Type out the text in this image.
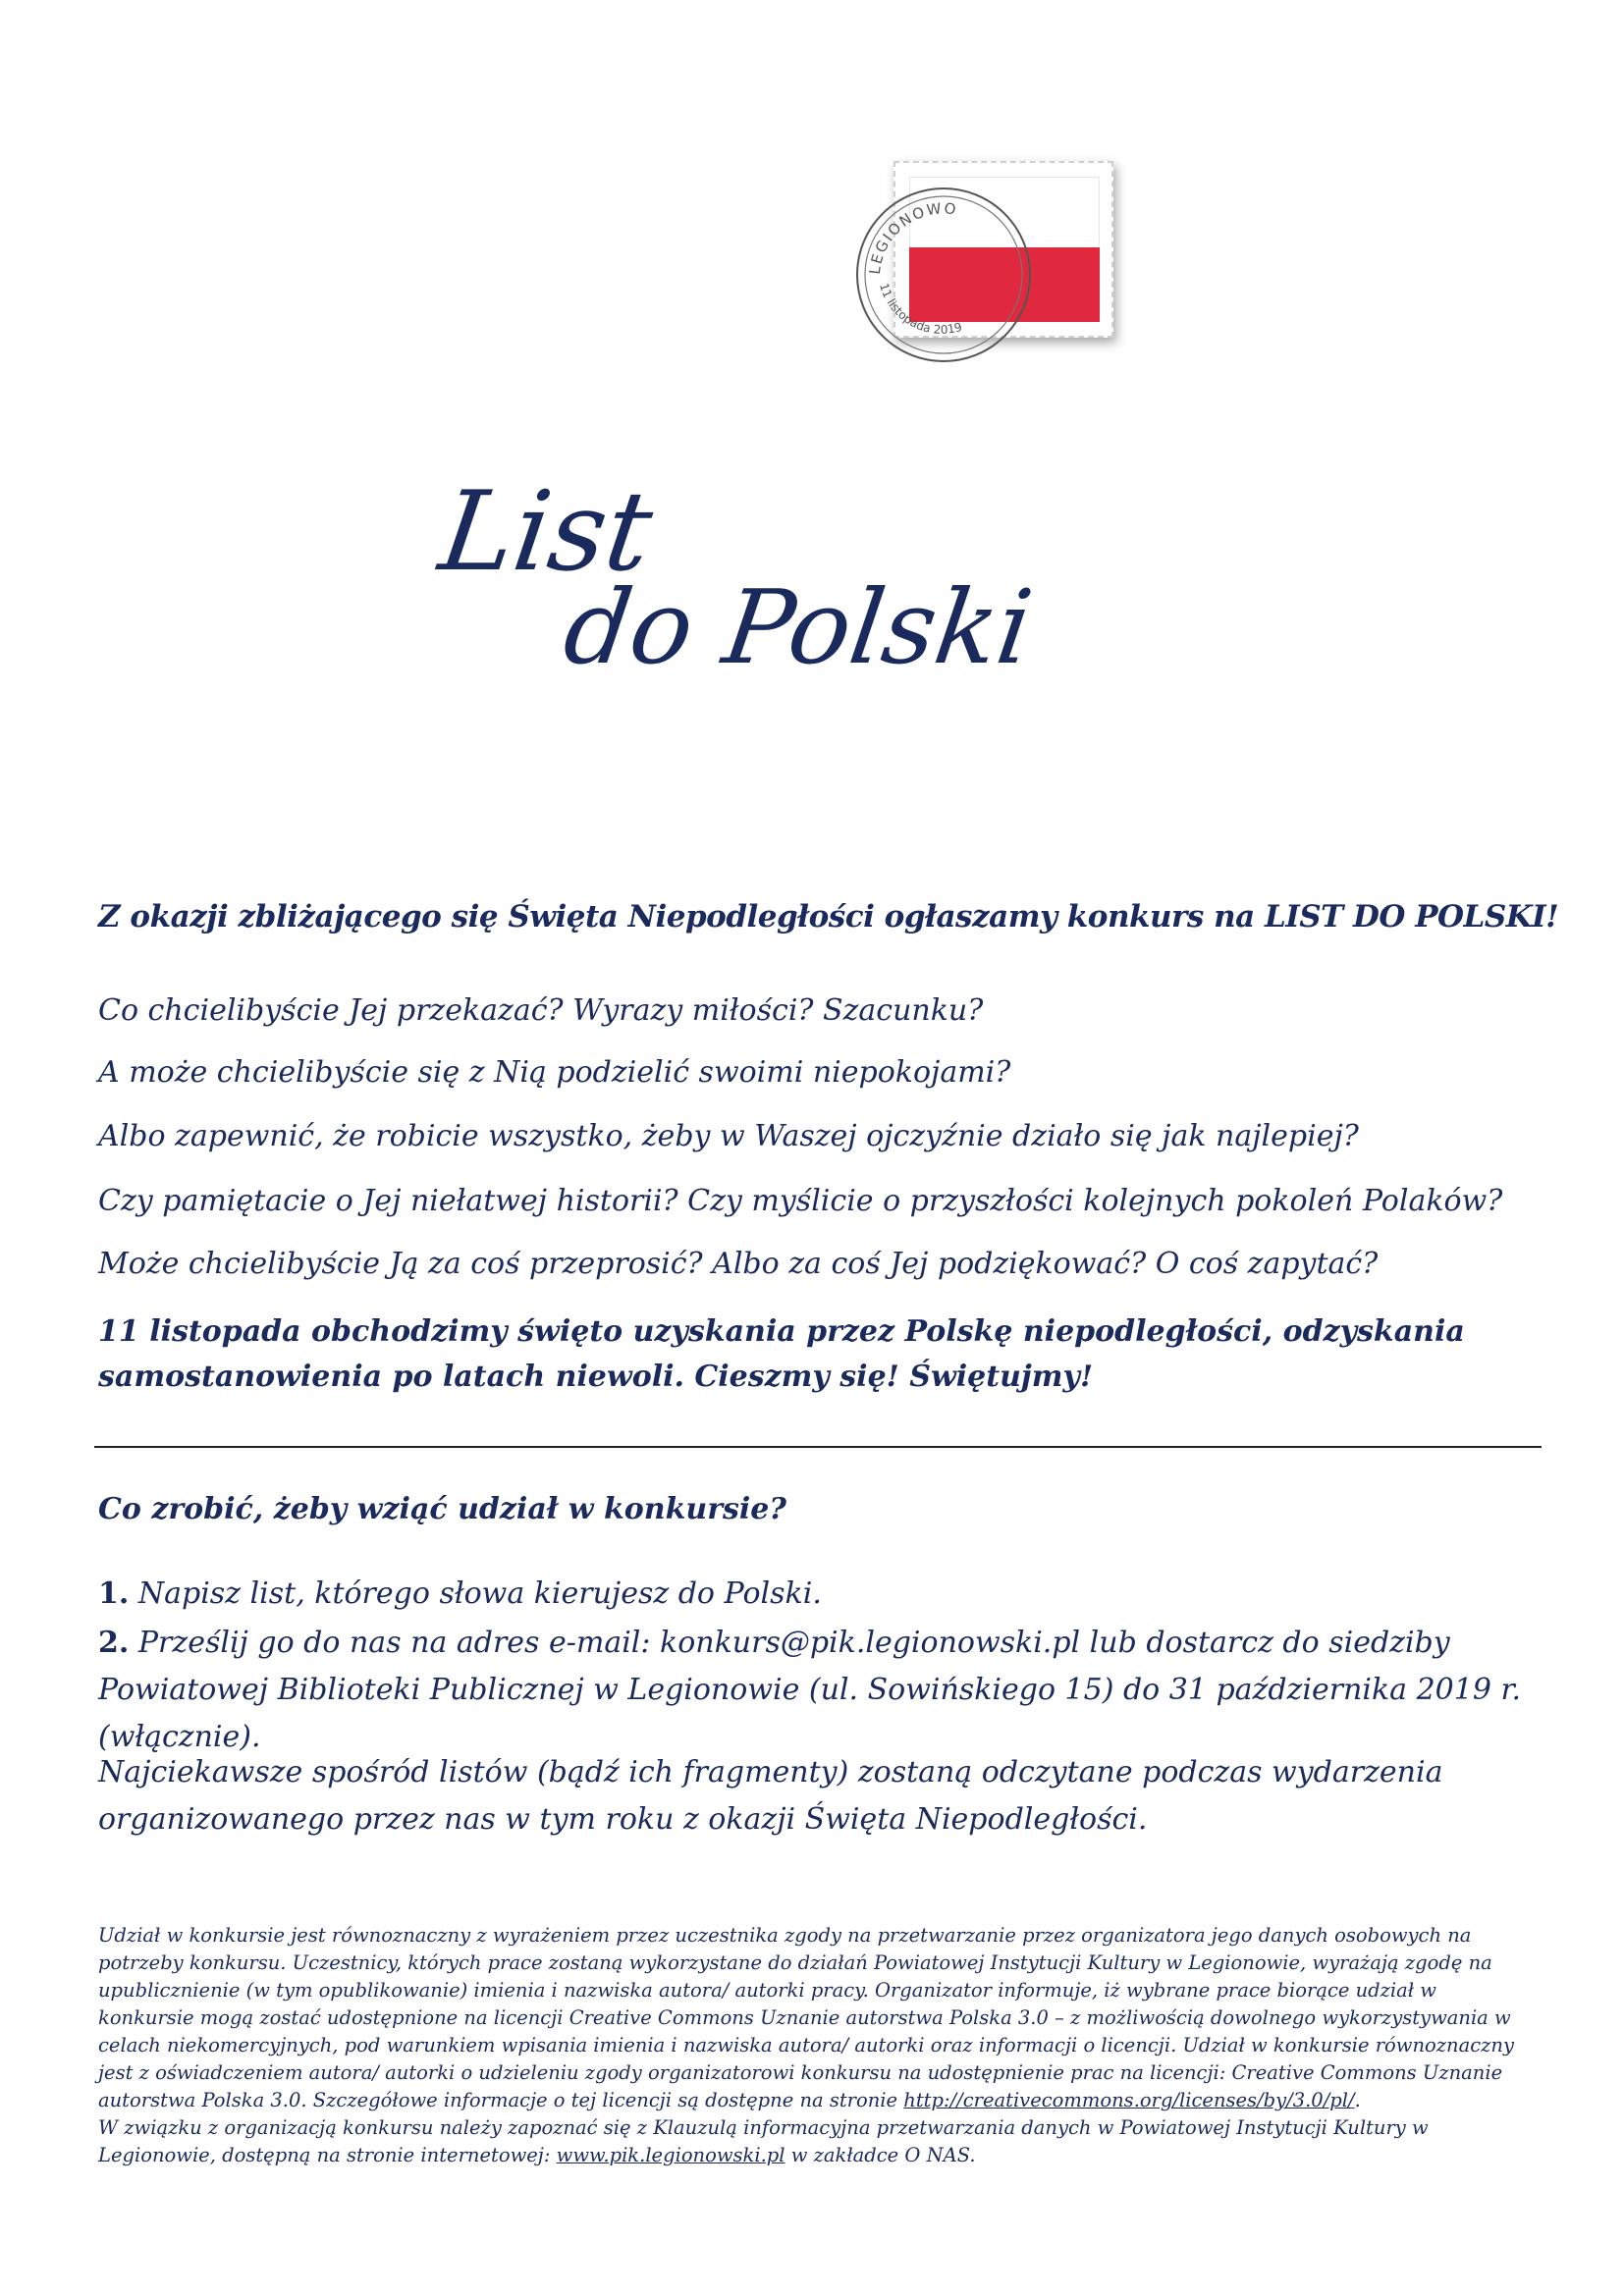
LEGIONOWO
11 listopada 2019
List
do Polski

Z okazji zbliżającego się Święta Niepodległości ogłaszamy konkurs na LIST DO POLSKI!

Co chcielibyście Jej przekazać? Wyrazy miłości? Szacunku?

A może chcielibyście się z Nią podzielić swoimi niepokojami?

Albo zapewnić, że robicie wszystko, żeby w Waszej ojczyźnie działo się jak najlepiej?

Czy pamiętacie o Jej niełatwej historii? Czy myślicie o przyszłości kolejnych pokoleń Polaków?

Może chcielibyście Ją za coś przeprosić? Albo za coś Jej podziękować? O coś zapytać?

11 listopada obchodzimy święto uzyskania przez Polskę niepodległości, odzyskania samostanowienia po latach niewoli. Cieszmy się! Świętujmy!

Co zrobić, żeby wziąć udział w konkursie?

1. Napisz list, którego słowa kierujesz do Polski.

2. Prześlij go do nas na adres e-mail: konkurs@pik.legionowski.pl lub dostarcz do siedziby Powiatowej Biblioteki Publicznej w Legionowie (ul. Sowińskiego 15) do 31 października 2019 r. (włącznie).

Najciekawsze spośród listów (bądź ich fragmenty) zostaną odczytane podczas wydarzenia organizowanego przez nas w tym roku z okazji Święta Niepodległości.

Udział w konkursie jest równoznaczny z wyrażeniem przez uczestnika zgody na przetwarzanie przez organizatora jego danych osobowych na potrzeby konkursu. Uczestnicy, których prace zostaną wykorzystane do działań Powiatowej Instytucji Kultury w Legionowie, wyrażają zgodę na upublicznienie (w tym opublikowanie) imienia i nazwiska autora/ autorki pracy. Organizator informuje, iż wybrane prace biorące udział w konkursie mogą zostać udostępnione na licencji Creative Commons Uznanie autorstwa Polska 3.0 – z możliwością dowolnego wykorzystywania w celach niekomercyjnych, pod warunkiem wpisania imienia i nazwiska autora/ autorki oraz informacji o licencji. Udział w konkursie równoznaczny jest z oświadczeniem autora/ autorki o udzieleniu zgody organizatorowi konkursu na udostępnienie prac na licencji: Creative Commons Uznanie autorstwa Polska 3.0. Szczegółowe informacje o tej licencji są dostępne na stronie http://creativecommons.org/licenses/by/3.0/pl/.
W związku z organizacją konkursu należy zapoznać się z Klauzulą informacyjna przetwarzania danych w Powiatowej Instytucji Kultury w Legionowie, dostępną na stronie internetowej: www.pik.legionowski.pl w zakładce O NAS.
